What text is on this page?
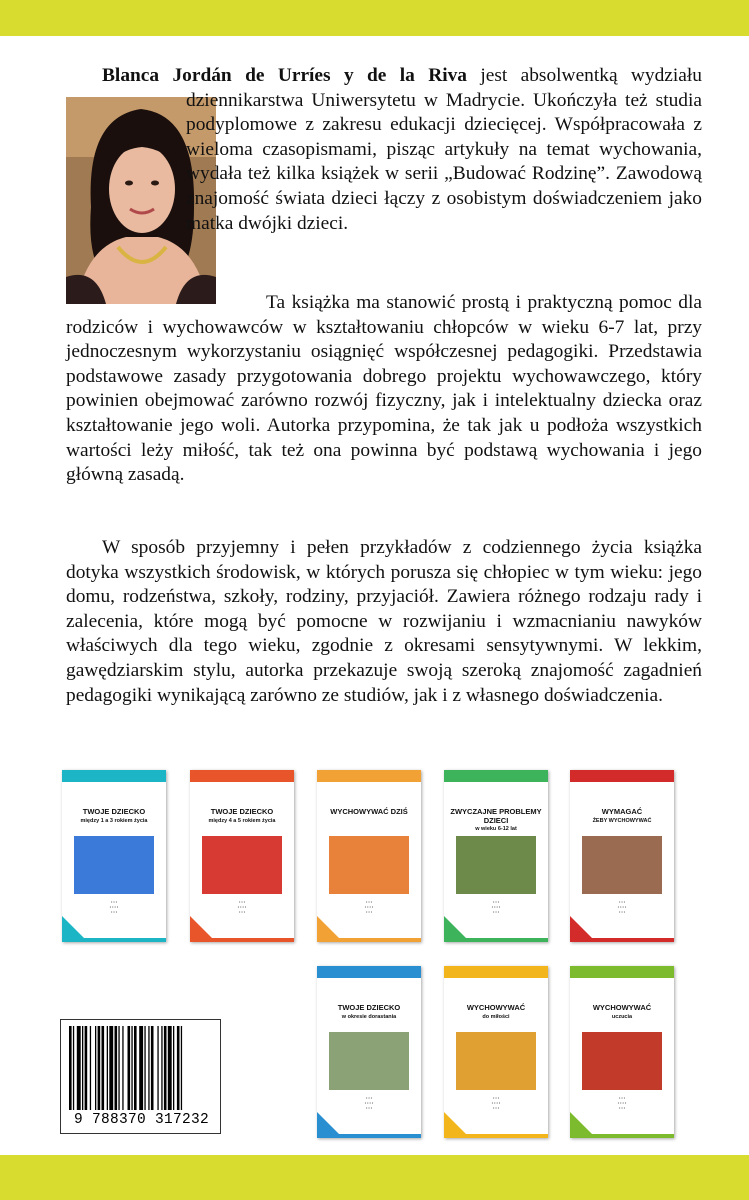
Blanca Jordán de Urríes y de la Riva jest absolwentką wydziału dziennikarstwa Uniwersytetu w Madrycie. Ukończyła też studia podyplomowe z zakresu edukacji dziecięcej. Współpracowała z wieloma czasopismami, pisząc artykuły na temat wychowania, wydała też kilka książek w serii „Budować Rodzinę”. Zawodową znajomość świata dzieci łączy z osobistym doświadczeniem jako matka dwójki dzieci.

Ta książka ma stanowić prostą i praktyczną pomoc dla rodziców i wychowawców w kształtowaniu chłopców w wieku 6-7 lat, przy jednoczesnym wykorzystaniu osiągnięć współczesnej pedagogiki. Przedstawia podstawowe zasady przygotowania dobrego projektu wychowawczego, który powinien obejmować zarówno rozwój fizyczny, jak i intelektualny dziecka oraz kształtowanie jego woli. Autorka przypomina, że tak jak u podłoża wszystkich wartości leży miłość, tak też ona powinna być podstawą wychowania i jego główną zasadą.

W sposób przyjemny i pełen przykładów z codziennego życia książka dotyka wszystkich środowisk, w których porusza się chłopiec w tym wieku: jego domu, rodzeństwa, szkoły, rodziny, przyjaciół. Zawiera różnego rodzaju rady i zalecenia, które mogą być pomocne w rozwijaniu i wzmacnianiu nawyków właściwych dla tego wieku, zgodnie z okresami sensytywnymi. W lekkim, gawędziarskim stylu, autorka przekazuje swoją szeroką znajomość zagadnień pedagogiki wynikającą zarówno ze studiów, jak i z własnego doświadczenia.

Blanca Jordán de Urríes
TWOJE DZIECKO
między 1 a 3 rokiem życia
• • •
• • • •
• • •
Marisa Mateo
TWOJE DZIECKO
między 4 a 5 rokiem życia
• • •
• • • •
• • •
Fernando Corominas
WYCHOWYWAĆ DZIŚ
• • •
• • • •
• • •
Teresa Artola González
ZWYCZAJNE PROBLEMY DZIECI
w wieku 6-12 lat
• • •
• • • •
• • •
Eusebio Ferrer Hortet
WYMAGAĆ
ŻEBY WYCHOWYWAĆ
• • •
• • • •
• • •
Gerardo Castillo
TWOJE DZIECKO
w okresie dorastania
• • •
• • • •
• • •
Juan José Javaloyes
WYCHOWYWAĆ
do miłości
• • •
• • • •
• • •
Alfonso Aguiló
WYCHOWYWAĆ
uczucia
• • •
• • • •
• • •
9 788370 317232
